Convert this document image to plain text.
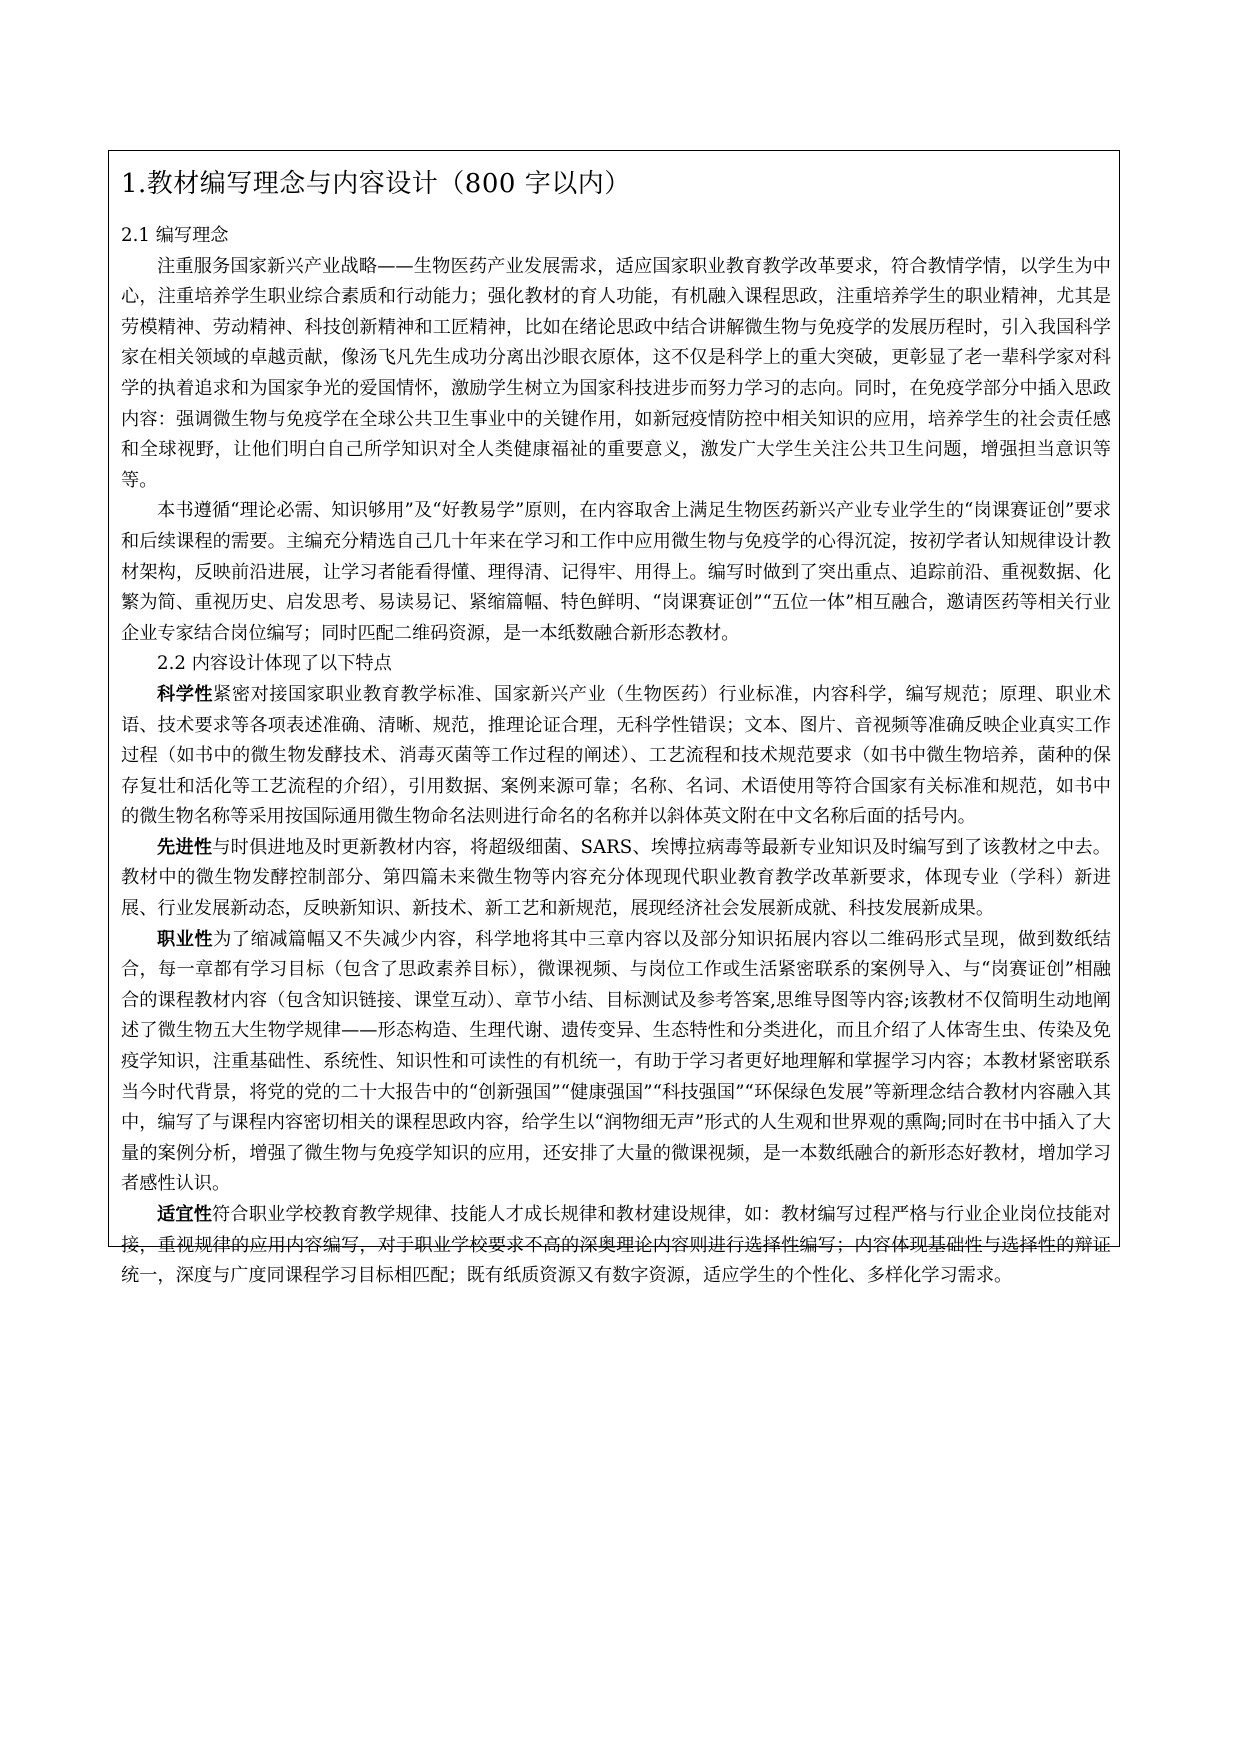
1.教材编写理念与内容设计（800 字以内）

2.1 编写理念

注重服务国家新兴产业战略——生物医药产业发展需求，适应国家职业教育教学改革要求，符合教情学情，以学生为中心，注重培养学生职业综合素质和行动能力；强化教材的育人功能，有机融入课程思政，注重培养学生的职业精神，尤其是劳模精神、劳动精神、科技创新精神和工匠精神，比如在绪论思政中结合讲解微生物与免疫学的发展历程时，引入我国科学家在相关领域的卓越贡献，像汤飞凡先生成功分离出沙眼衣原体，这不仅是科学上的重大突破，更彰显了老一辈科学家对科学的执着追求和为国家争光的爱国情怀，激励学生树立为国家科技进步而努力学习的志向。同时，在免疫学部分中插入思政内容：强调微生物与免疫学在全球公共卫生事业中的关键作用，如新冠疫情防控中相关知识的应用，培养学生的社会责任感和全球视野，让他们明白自己所学知识对全人类健康福祉的重要意义，激发广大学生关注公共卫生问题，增强担当意识等等。

本书遵循“理论必需、知识够用”及“好教易学”原则，在内容取舍上满足生物医药新兴产业专业学生的“岗课赛证创”要求和后续课程的需要。主编充分精选自己几十年来在学习和工作中应用微生物与免疫学的心得沉淀，按初学者认知规律设计教材架构，反映前沿进展，让学习者能看得懂、理得清、记得牢、用得上。编写时做到了突出重点、追踪前沿、重视数据、化繁为简、重视历史、启发思考、易读易记、紧缩篇幅、特色鲜明、“岗课赛证创”“五位一体”相互融合，邀请医药等相关行业企业专家结合岗位编写；同时匹配二维码资源，是一本纸数融合新形态教材。

2.2 内容设计体现了以下特点

科学性紧密对接国家职业教育教学标准、国家新兴产业（生物医药）行业标准，内容科学，编写规范；原理、职业术语、技术要求等各项表述准确、清晰、规范，推理论证合理，无科学性错误；文本、图片、音视频等准确反映企业真实工作过程（如书中的微生物发酵技术、消毒灭菌等工作过程的阐述）、工艺流程和技术规范要求（如书中微生物培养，菌种的保存复壮和活化等工艺流程的介绍），引用数据、案例来源可靠；名称、名词、术语使用等符合国家有关标准和规范，如书中的微生物名称等采用按国际通用微生物命名法则进行命名的名称并以斜体英文附在中文名称后面的括号内。

先进性与时俱进地及时更新教材内容，将超级细菌、SARS、埃博拉病毒等最新专业知识及时编写到了该教材之中去。教材中的微生物发酵控制部分、第四篇未来微生物等内容充分体现现代职业教育教学改革新要求，体现专业（学科）新进展、行业发展新动态，反映新知识、新技术、新工艺和新规范，展现经济社会发展新成就、科技发展新成果。

职业性为了缩减篇幅又不失减少内容，科学地将其中三章内容以及部分知识拓展内容以二维码形式呈现，做到数纸结合，每一章都有学习目标（包含了思政素养目标），微课视频、与岗位工作或生活紧密联系的案例导入、与“岗赛证创”相融合的课程教材内容（包含知识链接、课堂互动）、章节小结、目标测试及参考答案,思维导图等内容;该教材不仅简明生动地阐述了微生物五大生物学规律——形态构造、生理代谢、遗传变异、生态特性和分类进化，而且介绍了人体寄生虫、传染及免疫学知识，注重基础性、系统性、知识性和可读性的有机统一，有助于学习者更好地理解和掌握学习内容；本教材紧密联系当今时代背景，将党的党的二十大报告中的“创新强国”“健康强国”“科技强国”“环保绿色发展”等新理念结合教材内容融入其中，编写了与课程内容密切相关的课程思政内容，给学生以“润物细无声”形式的人生观和世界观的熏陶;同时在书中插入了大量的案例分析，增强了微生物与免疫学知识的应用，还安排了大量的微课视频，是一本数纸融合的新形态好教材，增加学习者感性认识。

适宜性符合职业学校教育教学规律、技能人才成长规律和教材建设规律，如：教材编写过程严格与行业企业岗位技能对接，重视规律的应用内容编写，对于职业学校要求不高的深奥理论内容则进行选择性编写；内容体现基础性与选择性的辩证统一，深度与广度同课程学习目标相匹配；既有纸质资源又有数字资源，适应学生的个性化、多样化学习需求。
